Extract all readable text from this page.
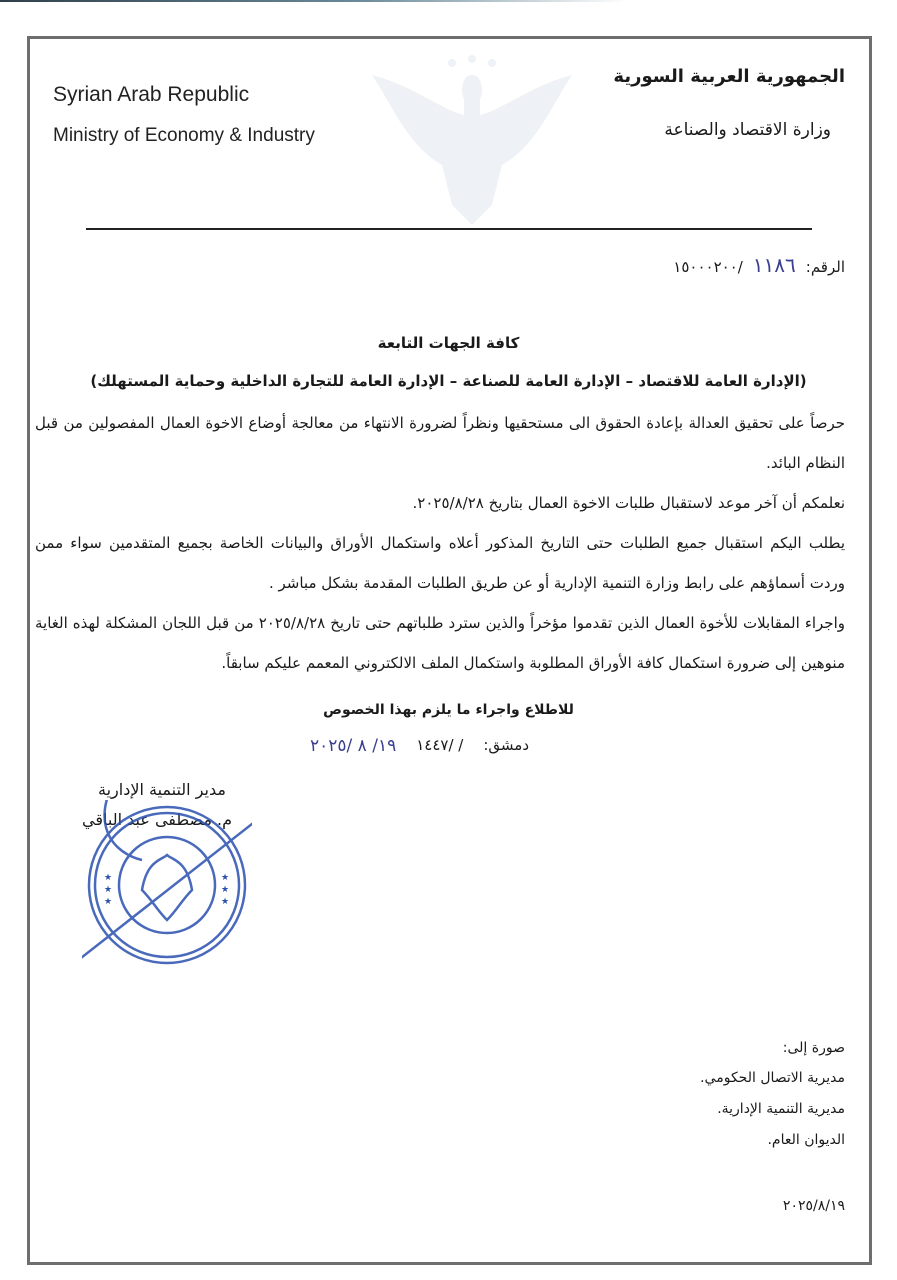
Syrian Arab Republic
Ministry of Economy & Industry
الجمهورية العربية السورية
وزارة الاقتصاد والصناعة
الرقم:
١١٨٦
/١٥٠٠٠٢٠٠
كافة الجهات التابعة
(الإدارة العامة للاقتصاد – الإدارة العامة للصناعة – الإدارة العامة للتجارة الداخلية وحماية المستهلك)
حرصاً على تحقيق العدالة بإعادة الحقوق الى مستحقيها ونظراً لضرورة الانتهاء من معالجة أوضاع الاخوة العمال المفصولين من قبل النظام البائد.
نعلمكم أن آخر موعد لاستقبال طلبات الاخوة العمال بتاريخ ٢٠٢٥/٨/٢٨.
يطلب اليكم استقبال جميع الطلبات حتى التاريخ المذكور أعلاه واستكمال الأوراق والبيانات الخاصة بجميع المتقدمين سواء ممن وردت أسماؤهم على رابط وزارة التنمية الإدارية أو عن طريق الطلبات المقدمة بشكل مباشر .
واجراء المقابلات للأخوة العمال الذين تقدموا مؤخراً والذين سترد طلباتهم حتى تاريخ ٢٠٢٥/٨/٢٨ من قبل اللجان المشكلة لهذه الغاية منوهين إلى ضرورة استكمال كافة الأوراق المطلوبة واستكمال الملف الالكتروني المعمم عليكم سابقاً.
للاطلاع واجراء ما يلزم بهذا الخصوص
دمشق:
/ /١٤٤٧
١٩/ ٨ /٢٠٢٥
مدير التنمية الإدارية
م. مصطفى عبد الباقي
★
★
★
★
★
★
صورة إلى:
مديرية الاتصال الحكومي.
مديرية التنمية الإدارية.
الديوان العام.
٢٠٢٥/٨/١٩
